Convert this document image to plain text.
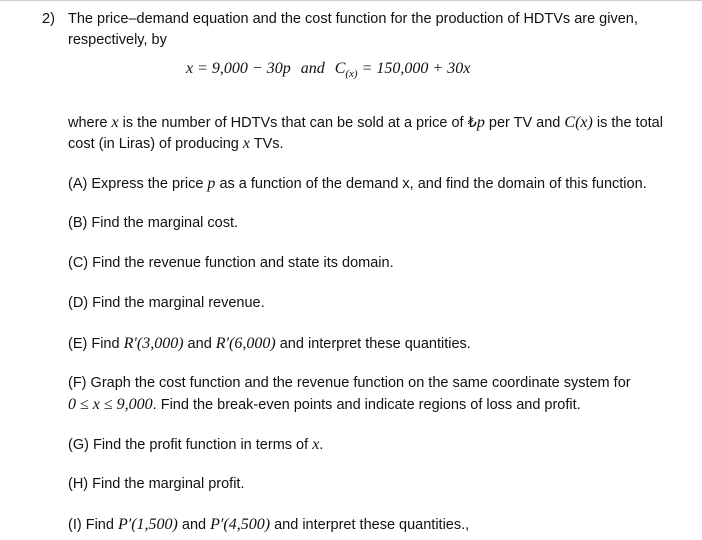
2) The price–demand equation and the cost function for the production of HDTVs are given,
respectively, by
x = 9,000 − 30p and $C_{(x)} = 150,000 + 30x$
where x is the number of HDTVs that can be sold at a price of ₺p per TV and C(x) is the total
cost (in Liras) of producing x TVs.
(A) Express the price p as a function of the demand x, and find the domain of this function.
(B) Find the marginal cost.
(C) Find the revenue function and state its domain.
(D) Find the marginal revenue.
(E) Find R′(3,000) and R′(6,000) and interpret these quantities.
(F) Graph the cost function and the revenue function on the same coordinate system for
0 ≤ x ≤ 9,000. Find the break-even points and indicate regions of loss and profit.
(G) Find the profit function in terms of x.
(H) Find the marginal profit.
(I) Find P′(1,500) and P′(4,500) and interpret these quantities.,
